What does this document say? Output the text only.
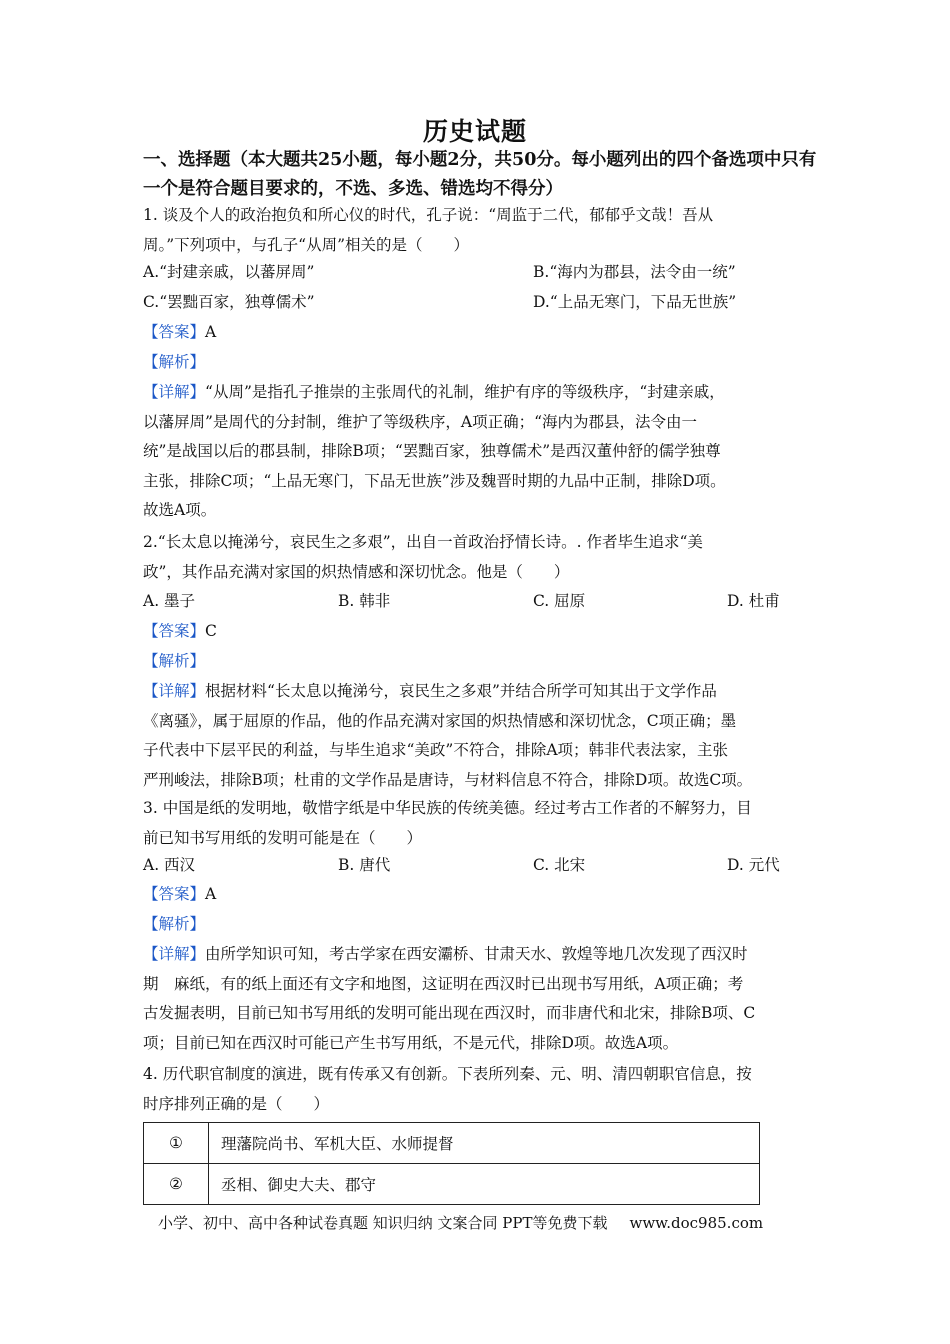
历史试题
一、选择题（本大题共25小题，每小题2分，共50分。每小题列出的四个备选项中只有一个是符合题目要求的，不选、多选、错选均不得分）
1. 谈及个人的政治抱负和所心仪的时代，孔子说：“周监于二代，郁郁乎文哉！吾从
周。”下列项中，与孔子“从周”相关的是（　　）
A.“封建亲戚，以蕃屏周”	B.“海内为郡县，法令由一统”
C.“罢黜百家，独尊儒术”	D.“上品无寒门，下品无世族”
【答案】A
【解析】
【详解】“从周”是指孔子推崇的主张周代的礼制，维护有序的等级秩序，“封建亲戚，
以藩屏周”是周代的分封制，维护了等级秩序，A项正确；“海内为郡县，法令由一
统”是战国以后的郡县制，排除B项；“罢黜百家，独尊儒术”是西汉董仲舒的儒学独尊
主张，排除C项；“上品无寒门，下品无世族”涉及魏晋时期的九品中正制，排除D项。
故选A项。
2.“长太息以掩涕兮，哀民生之多艰”，出自一首政治抒情长诗。. 作者毕生追求“美
政”，其作品充满对家国的炽热情感和深切忧念。他是（　　）
A. 墨子	B. 韩非	C. 屈原	D. 杜甫
【答案】C
【解析】
【详解】根据材料“长太息以掩涕兮，哀民生之多艰”并结合所学可知其出于文学作品
《离骚》，属于屈原的作品，他的作品充满对家国的炽热情感和深切忧念，C项正确；墨
子代表中下层平民的利益，与毕生追求“美政”不符合，排除A项；韩非代表法家，主张
严刑峻法，排除B项；杜甫的文学作品是唐诗，与材料信息不符合，排除D项。故选C项。
3. 中国是纸的发明地，敬惜字纸是中华民族的传统美德。经过考古工作者的不解努力，目
前已知书写用纸的发明可能是在（　　）
A. 西汉	B. 唐代	C. 北宋	D. 元代
【答案】A
【解析】
【详解】由所学知识可知，考古学家在西安灞桥、甘肃天水、敦煌等地几次发现了西汉时
期　麻纸，有的纸上面还有文字和地图，这证明在西汉时已出现书写用纸，A项正确；考
古发掘表明，目前已知书写用纸的发明可能出现在西汉时，而非唐代和北宋，排除B项、C
项；目前已知在西汉时可能已产生书写用纸，不是元代，排除D项。故选A项。
4. 历代职官制度的演进，既有传承又有创新。下表所列秦、元、明、清四朝职官信息，按
时序排列正确的是（　　）
①	理藩院尚书、军机大臣、水师提督
②	丞相、御史大夫、郡守
小学、初中、高中各种试卷真题 知识归纳 文案合同 PPT等免费下载 www.doc985.com
